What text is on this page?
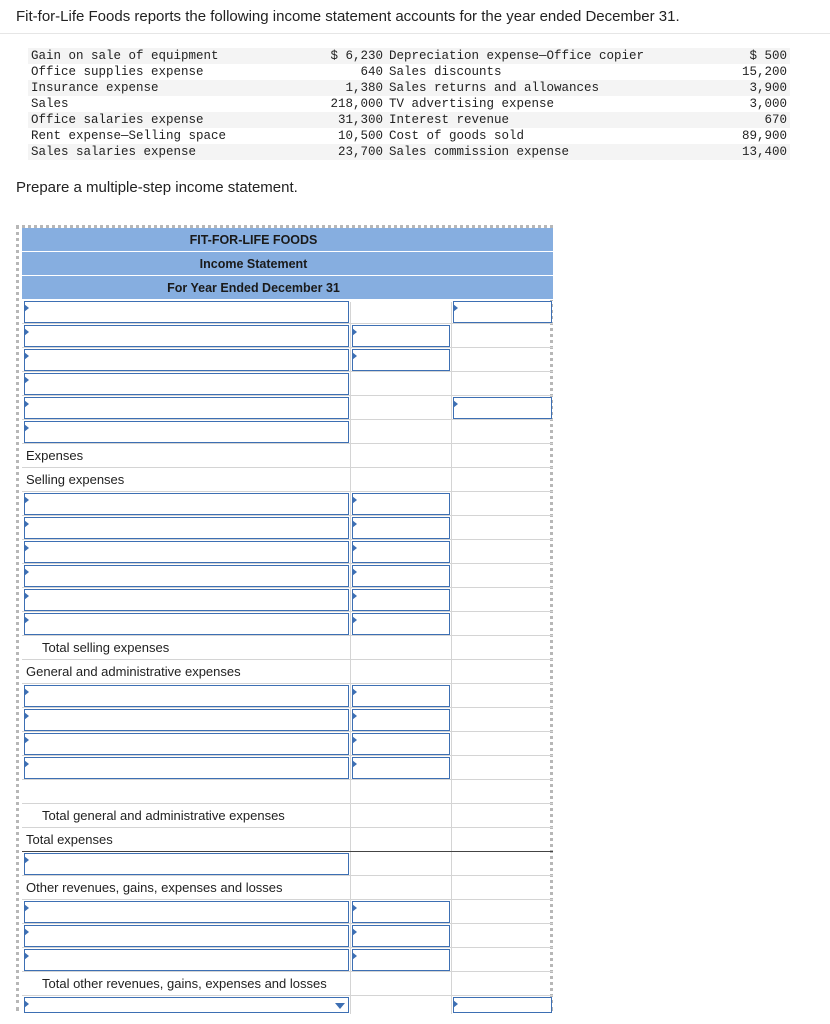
Fit-for-Life Foods reports the following income statement accounts for the year ended December 31.
Gain on sale of equipment	$ 6,230	Depreciation expense—Office copier	$ 500
Office supplies expense	640	Sales discounts	15,200
Insurance expense	1,380	Sales returns and allowances	3,900
Sales	218,000	TV advertising expense	3,000
Office salaries expense	31,300	Interest revenue	670
Rent expense—Selling space	10,500	Cost of goods sold	89,900
Sales salaries expense	23,700	Sales commission expense	13,400
Prepare a multiple-step income statement.
FIT-FOR-LIFE FOODS
Income Statement
For Year Ended December 31
Expenses
Selling expenses
Total selling expenses
General and administrative expenses
Total general and administrative expenses
Total expenses
Other revenues, gains, expenses and losses
Total other revenues, gains, expenses and losses
